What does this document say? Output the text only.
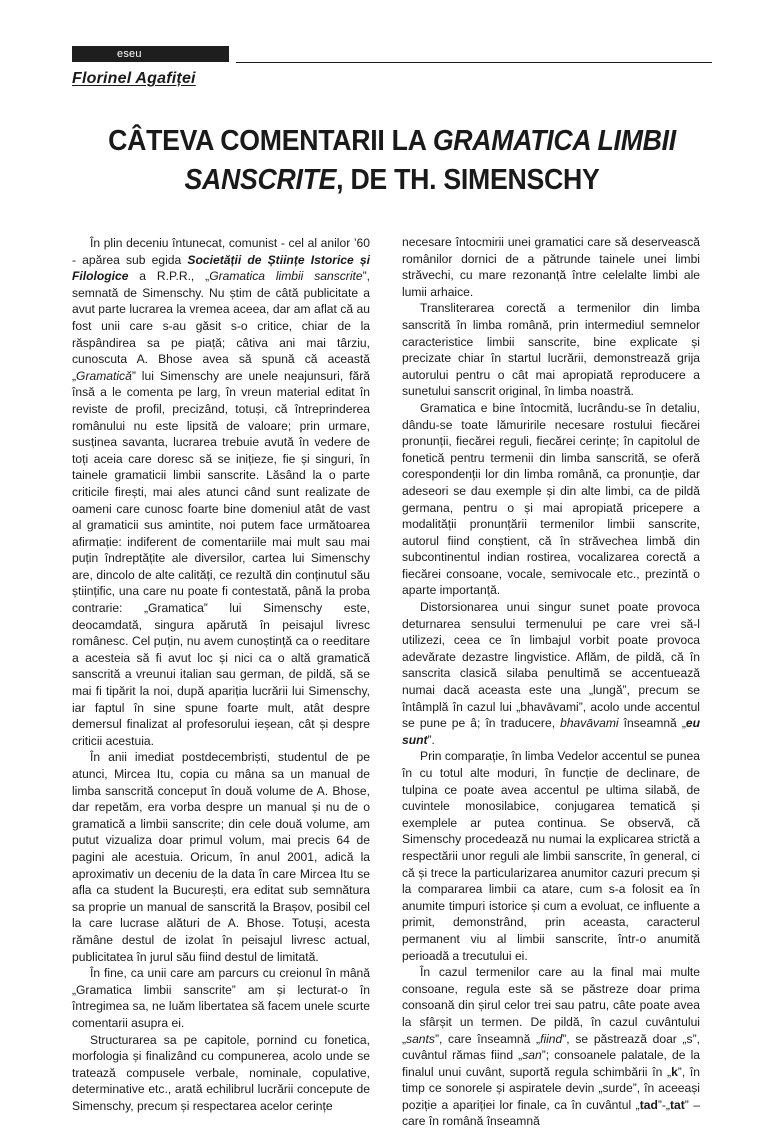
eseu
Florinel Agafiței
CÂTEVA COMENTARII LA GRAMATICA LIMBII
SANSCRITE, DE TH. SIMENSCHY

În plin deceniu întunecat, comunist - cel al anilor ’60 - apărea sub egida Societății de Științe Istorice și Filologice a R.P.R., „Gramatica limbii sanscrite”, semnată de Simenschy. Nu știm de câtă publicitate a avut parte lucrarea la vremea aceea, dar am aflat că au fost unii care s-au găsit s-o critice, chiar de la răspândirea sa pe piață; câtiva ani mai târziu, cunoscuta A. Bhose avea să spună că această „Gramatică” lui Simenschy are unele neajunsuri, fără însă a le comenta pe larg, în vreun material editat în reviste de profil, precizând, totuși, că întreprinderea românului nu este lipsită de valoare; prin urmare, susținea savanta, lucrarea trebuie avută în vedere de toți aceia care doresc să se inițieze, fie și singuri, în tainele gramaticii limbii sanscrite. Lăsând la o parte criticile firești, mai ales atunci când sunt realizate de oameni care cunosc foarte bine domeniul atât de vast al gramaticii sus amintite, noi putem face următoarea afirmație: indiferent de comentariile mai mult sau mai puțin îndreptățite ale diversilor, cartea lui Simenschy are, dincolo de alte calități, ce rezultă din conținutul său științific, una care nu poate fi contestată, până la proba contrarie: „Gramatica” lui Simenschy este, deocamdată, singura apărută în peisajul livresc românesc. Cel puțin, nu avem cunoștință ca o reeditare a acesteia să fi avut loc și nici ca o altă gramatică sanscrită a vreunui italian sau german, de pildă, să se mai fi tipărit la noi, după apariția lucrării lui Simenschy, iar faptul în sine spune foarte mult, atât despre demersul finalizat al profesorului ieșean, cât și despre criticii acestuia.

În anii imediat postdecembriști, studentul de pe atunci, Mircea Itu, copia cu mâna sa un manual de limba sanscrită conceput în două volume de A. Bhose, dar repetăm, era vorba despre un manual și nu de o gramatică a limbii sanscrite; din cele două volume, am putut vizualiza doar primul volum, mai precis 64 de pagini ale acestuia. Oricum, în anul 2001, adică la aproximativ un deceniu de la data în care Mircea Itu se afla ca student la București, era editat sub semnătura sa proprie un manual de sanscrită la Brașov, posibil cel la care lucrase alături de A. Bhose. Totuși, acesta rămâne destul de izolat în peisajul livresc actual, publicitatea în jurul său fiind destul de limitată.

În fine, ca unii care am parcurs cu creionul în mână „Gramatica limbii sanscrite” am și lecturat-o în întregimea sa, ne luăm libertatea să facem unele scurte comentarii asupra ei.

Structurarea sa pe capitole, pornind cu fonetica, morfologia și finalizând cu compunerea, acolo unde se tratează compusele verbale, nominale, copulative, determinative etc., arată echilibrul lucrării concepute de Simenschy, precum și respectarea acelor cerințe

necesare întocmirii unei gramatici care să deservească românilor dornici de a pătrunde tainele unei limbi străvechi, cu mare rezonanță între celelalte limbi ale lumii arhaice.

Transliterarea corectă a termenilor din limba sanscrită în limba română, prin intermediul semnelor caracteristice limbii sanscrite, bine explicate și precizate chiar în startul lucrării, demonstrează grija autorului pentru o cât mai apropiată reproducere a sunetului sanscrit original, în limba noastră.

Gramatica e bine întocmită, lucrându-se în detaliu, dându-se toate lămuririle necesare rostului fiecărei pronunții, fiecărei reguli, fiecărei cerințe; în capitolul de fonetică pentru termenii din limba sanscrită, se oferă corespondenții lor din limba română, ca pronunție, dar adeseori se dau exemple și din alte limbi, ca de pildă germana, pentru o și mai apropiată pricepere a modalității pronunțării termenilor limbii sanscrite, autorul fiind conștient, că în străvechea limbă din subcontinentul indian rostirea, vocalizarea corectă a fiecărei consoane, vocale, semivocale etc., prezintă o aparte importanță.

Distorsionarea unui singur sunet poate provoca deturnarea sensului termenului pe care vrei să-l utilizezi, ceea ce în limbajul vorbit poate provoca adevărate dezastre lingvistice. Aflăm, de pildă, că în sanscrita clasică silaba penultimă se accentuează numai dacă aceasta este una „lungă”, precum se întâmplă în cazul lui „bhavāvami”, acolo unde accentul se pune pe â; în traducere, bhavāvami înseamnă „eu sunt”.

Prin comparație, în limba Vedelor accentul se punea în cu totul alte moduri, în funcție de declinare, de tulpina ce poate avea accentul pe ultima silabă, de cuvintele monosilabice, conjugarea tematică și exemplele ar putea continua. Se observă, că Simenschy procedează nu numai la explicarea strictă a respectării unor reguli ale limbii sanscrite, în general, ci că și trece la particularizarea anumitor cazuri precum și la compararea limbii ca atare, cum s-a folosit ea în anumite timpuri istorice și cum a evoluat, ce influente a primit, demonstrând, prin aceasta, caracterul permanent viu al limbii sanscrite, într-o anumită perioadă a trecutului ei.

În cazul termenilor care au la final mai multe consoane, regula este să se păstreze doar prima consoană din șirul celor trei sau patru, câte poate avea la sfârșit un termen. De pildă, în cazul cuvântului „sants”, care înseamnă „fiind”, se păstrează doar „s”, cuvântul rămas fiind „san”; consoanele palatale, de la finalul unui cuvânt, suportă regula schimbării în „k”, în timp ce sonorele și aspiratele devin „surde”, în aceeași poziție a apariției lor finale, ca în cuvântul „tad”-„tat” – care în română înseamnă
